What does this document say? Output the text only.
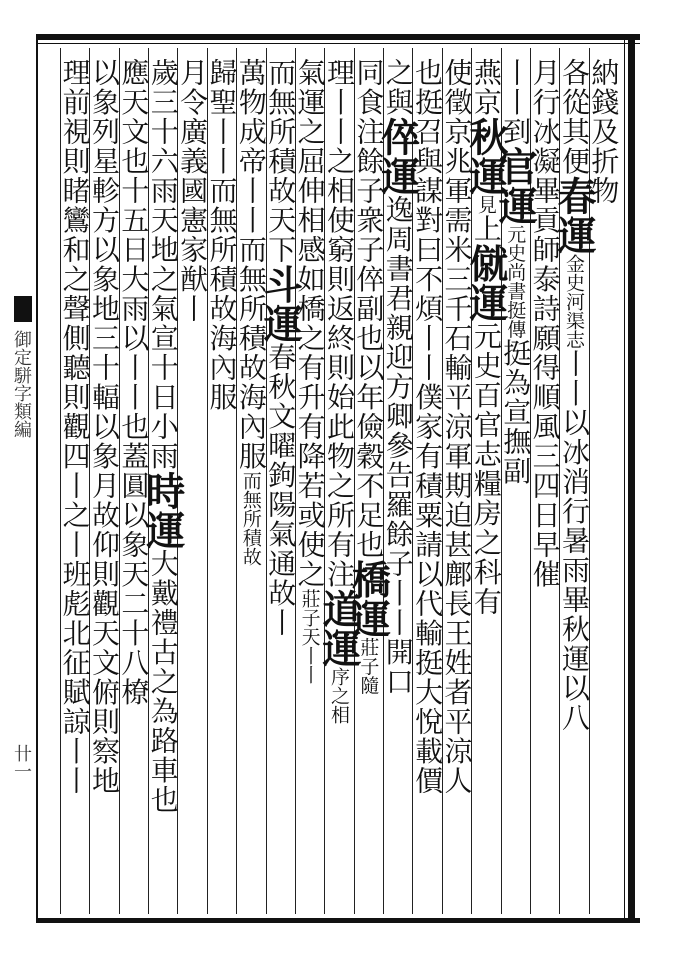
御定駢字類編
卄一
納錢及折物
各從其便春運金史河渠志丨丨以冰消行暑雨畢秋運以八
月行冰凝畢貢師泰詩願得順風三四日早催
丨丨到官運元史尚書挺傳挺為宣撫副
燕京秋運見上僦運元史百官志糧房之科有
使徵京兆軍需米三千石輸平涼軍期迫甚鄜長王姓者平涼人
也挺召與謀對曰不煩丨丨僕家有積粟請以代輸挺大悅載價
之與倅運逸周書君親迎方卿參告羅餘子丨丨開口
同食注餘子衆子倅副也以年儉穀不足也橋運莊子隨
理丨丨之相使窮則返終則始此物之所有注道運序之相
氣運之屈伸相感如橋之有升有降若或使之莊子天丨丨
而無所積故天下斗運春秋文曜鉤陽氣通故丨
萬物成帝丨丨而無所積故海內服而無所積故
歸聖丨丨而無所積故海內服
月令廣義國憲家猷丨
歲三十六雨天地之氣宣十日小雨時運大戴禮古之為路車也
應天文也十五日大雨以丨丨也蓋圓以象天二十八橑
以象列星軫方以象地三十輻以象月故仰則觀天文俯則察地
理前視則睹鸞和之聲側聽則觀四丨之丨班彪北征賦諒丨丨
